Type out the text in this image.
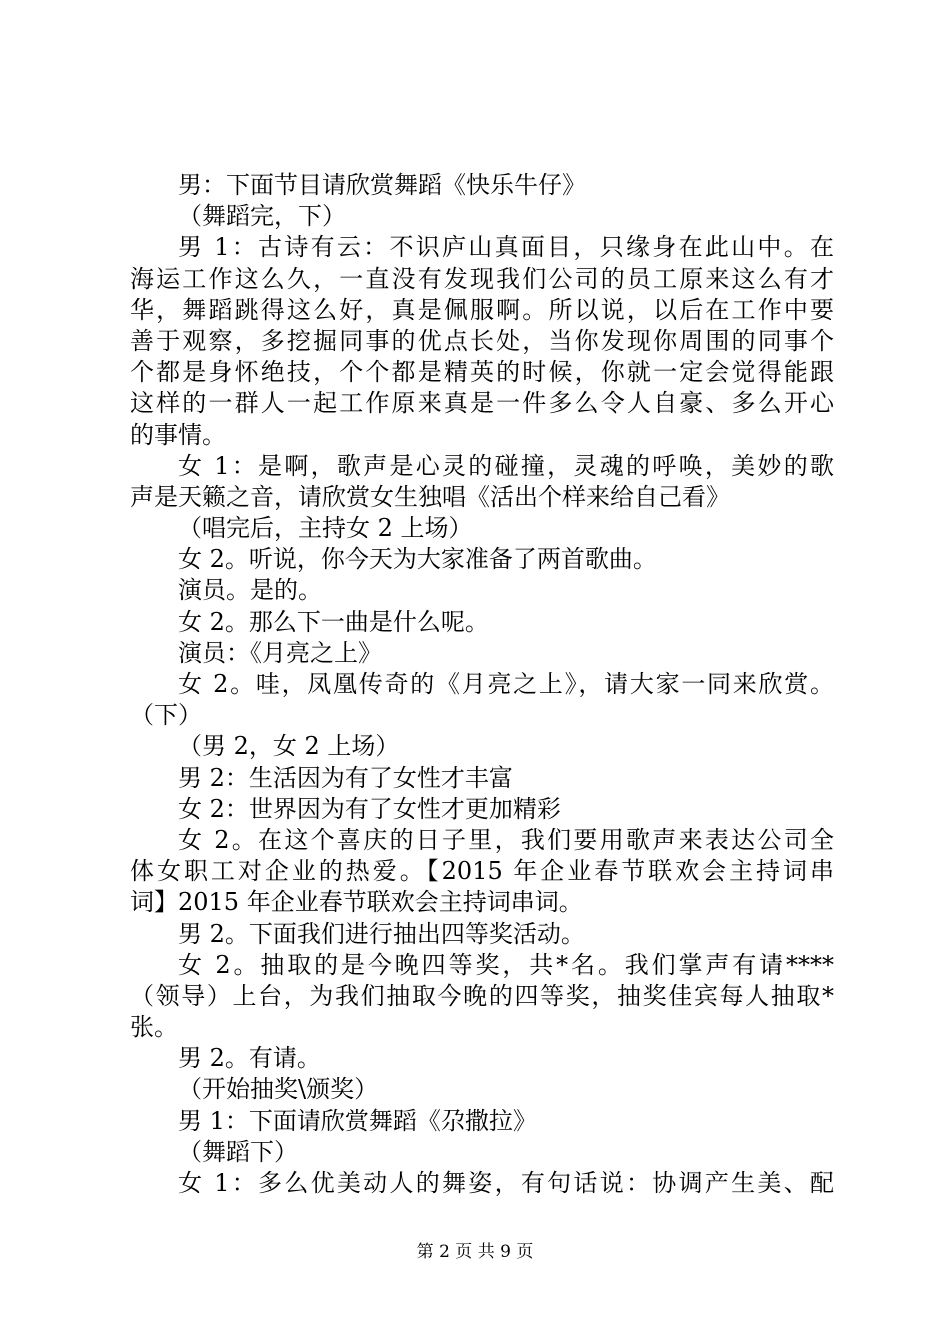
男：下面节目请欣赏舞蹈《快乐牛仔》
（舞蹈完，下）
男 1：古诗有云：不识庐山真面目，只缘身在此山中。在
海运工作这么久，一直没有发现我们公司的员工原来这么有才
华，舞蹈跳得这么好，真是佩服啊。所以说，以后在工作中要
善于观察，多挖掘同事的优点长处，当你发现你周围的同事个
个都是身怀绝技，个个都是精英的时候，你就一定会觉得能跟
这样的一群人一起工作原来真是一件多么令人自豪、多么开心
的事情。
女 1：是啊，歌声是心灵的碰撞，灵魂的呼唤，美妙的歌
声是天籁之音，请欣赏女生独唱《活出个样来给自己看》
（唱完后，主持女 2 上场）
女 2。听说，你今天为大家准备了两首歌曲。
演员。是的。
女 2。那么下一曲是什么呢。
演员：《月亮之上》
女 2。哇，凤凰传奇的《月亮之上》，请大家一同来欣赏。
（下）
（男 2，女 2 上场）
男 2：生活因为有了女性才丰富
女 2：世界因为有了女性才更加精彩
女 2。在这个喜庆的日子里，我们要用歌声来表达公司全
体女职工对企业的热爱。【2015 年企业春节联欢会主持词串
词】2015 年企业春节联欢会主持词串词。
男 2。下面我们进行抽出四等奖活动。
女 2。抽取的是今晚四等奖，共*名。我们掌声有请****
（领导）上台，为我们抽取今晚的四等奖，抽奖佳宾每人抽取*
张。
男 2。有请。
（开始抽奖\颁奖）
男 1：下面请欣赏舞蹈《尕撒拉》
（舞蹈下）
女 1：多么优美动人的舞姿，有句话说：协调产生美、配
第 2 页 共 9 页
